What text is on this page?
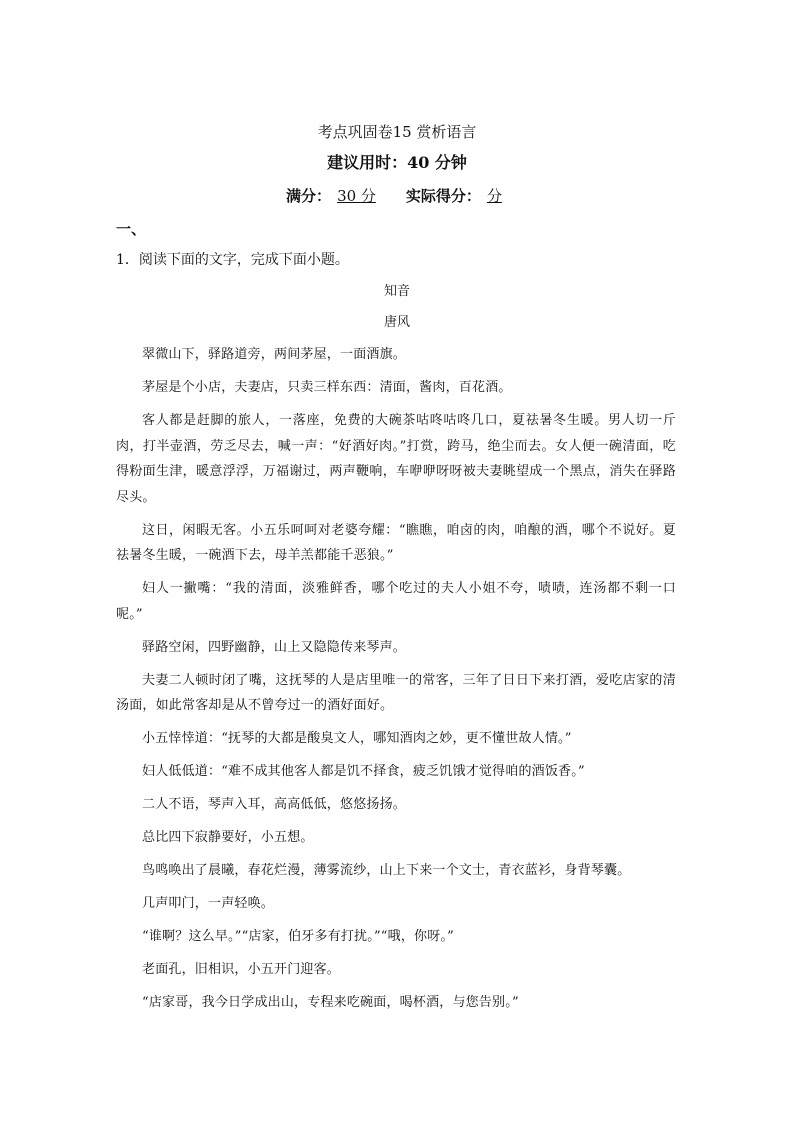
考点巩固卷15 赏析语言
建议用时：40 分钟
满分： 30 分 实际得分： 分
一、
1．阅读下面的文字，完成下面小题。
知音
唐风

翠微山下，驿路道旁，两间茅屋，一面酒旗。

茅屋是个小店，夫妻店，只卖三样东西：清面，酱肉，百花酒。

客人都是赶脚的旅人，一落座，免费的大碗茶咕咚咕咚几口，夏祛暑冬生暖。男人切一斤肉，打半壶酒，劳乏尽去，喊一声：“好酒好肉。”打赏，跨马，绝尘而去。女人便一碗清面，吃得粉面生津，暖意浮浮，万福谢过，两声鞭响，车咿咿呀呀被夫妻眺望成一个黑点，消失在驿路尽头。

这日，闲暇无客。小五乐呵呵对老婆夸耀：“瞧瞧，咱卤的肉，咱酿的酒，哪个不说好。夏祛暑冬生暖，一碗酒下去，母羊羔都能千恶狼。”

妇人一撇嘴：“我的清面，淡雅鲜香，哪个吃过的夫人小姐不夸，啧啧，连汤都不剩一口呢。”

驿路空闲，四野幽静，山上又隐隐传来琴声。

夫妻二人顿时闭了嘴，这抚琴的人是店里唯一的常客，三年了日日下来打酒，爱吃店家的清汤面，如此常客却是从不曾夸过一的酒好面好。

小五悻悻道：“抚琴的大都是酸臭文人，哪知酒肉之妙，更不懂世故人情。”

妇人低低道：“难不成其他客人都是饥不择食，疲乏饥饿才觉得咱的酒饭香。”

二人不语，琴声入耳，高高低低，悠悠扬扬。

总比四下寂静要好，小五想。

鸟鸣唤出了晨曦，春花烂漫，薄雾流纱，山上下来一个文士，青衣蓝衫，身背琴囊。

几声叩门，一声轻唤。

“谁啊？这么早。”“店家，伯牙多有打扰。”“哦，你呀。”

老面孔，旧相识，小五开门迎客。

“店家哥，我今日学成出山，专程来吃碗面，喝杯酒，与您告别。”
